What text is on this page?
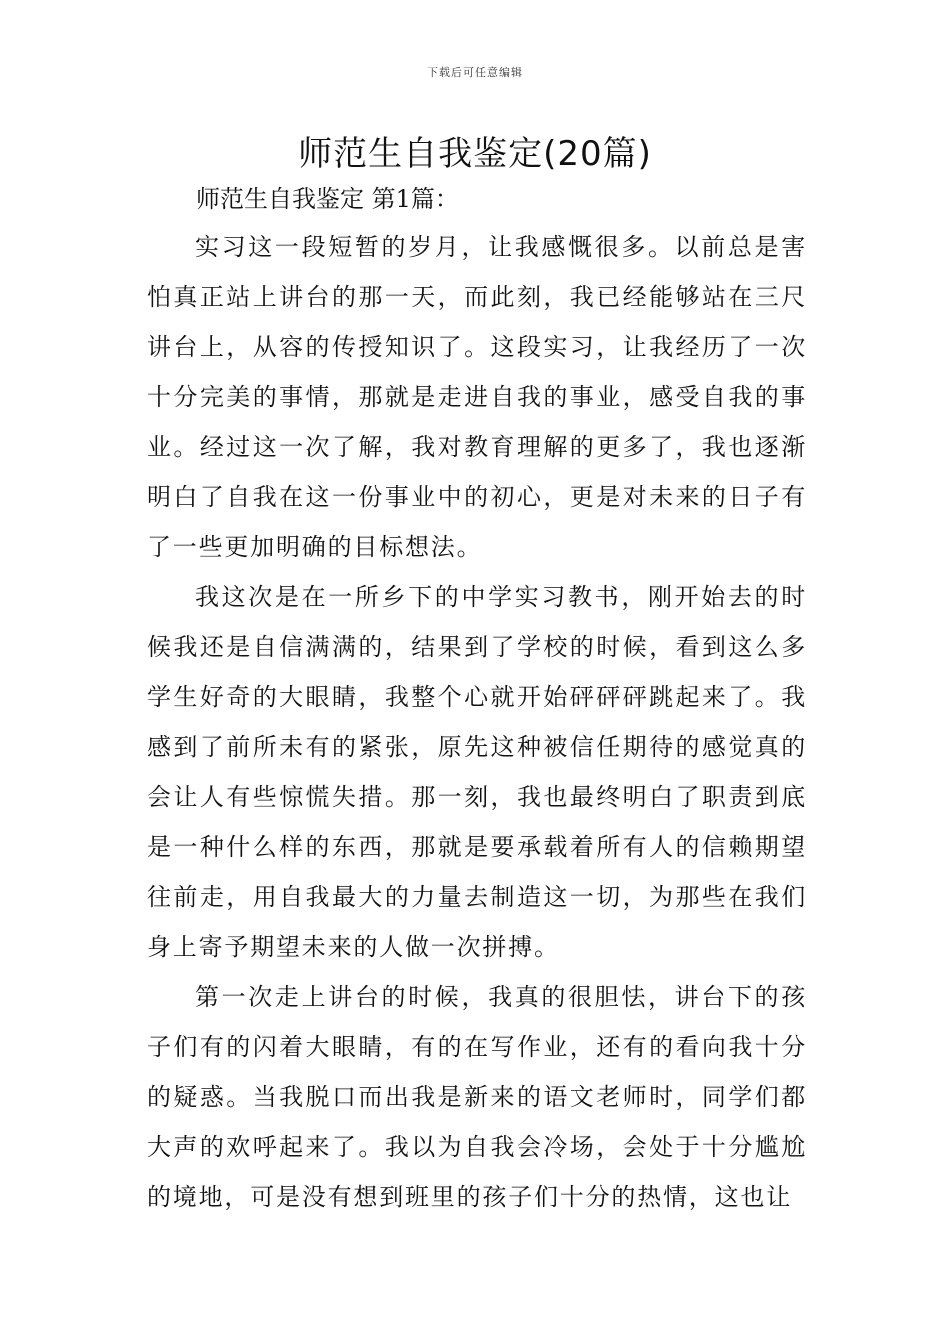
下载后可任意编辑
师范生自我鉴定(20篇)
师范生自我鉴定 第1篇：

实习这一段短暂的岁月，让我感慨很多。以前总是害怕真正站上讲台的那一天，而此刻，我已经能够站在三尺讲台上，从容的传授知识了。这段实习，让我经历了一次十分完美的事情，那就是走进自我的事业，感受自我的事业。经过这一次了解，我对教育理解的更多了，我也逐渐明白了自我在这一份事业中的初心，更是对未来的日子有了一些更加明确的目标想法。

我这次是在一所乡下的中学实习教书，刚开始去的时候我还是自信满满的，结果到了学校的时候，看到这么多学生好奇的大眼睛，我整个心就开始砰砰砰跳起来了。我感到了前所未有的紧张，原先这种被信任期待的感觉真的会让人有些惊慌失措。那一刻，我也最终明白了职责到底是一种什么样的东西，那就是要承载着所有人的信赖期望往前走，用自我最大的力量去制造这一切，为那些在我们身上寄予期望未来的人做一次拼搏。

第一次走上讲台的时候，我真的很胆怯，讲台下的孩子们有的闪着大眼睛，有的在写作业，还有的看向我十分的疑惑。当我脱口而出我是新来的语文老师时，同学们都大声的欢呼起来了。我以为自我会冷场，会处于十分尴尬的境地，可是没有想到班里的孩子们十分的热情，这也让
